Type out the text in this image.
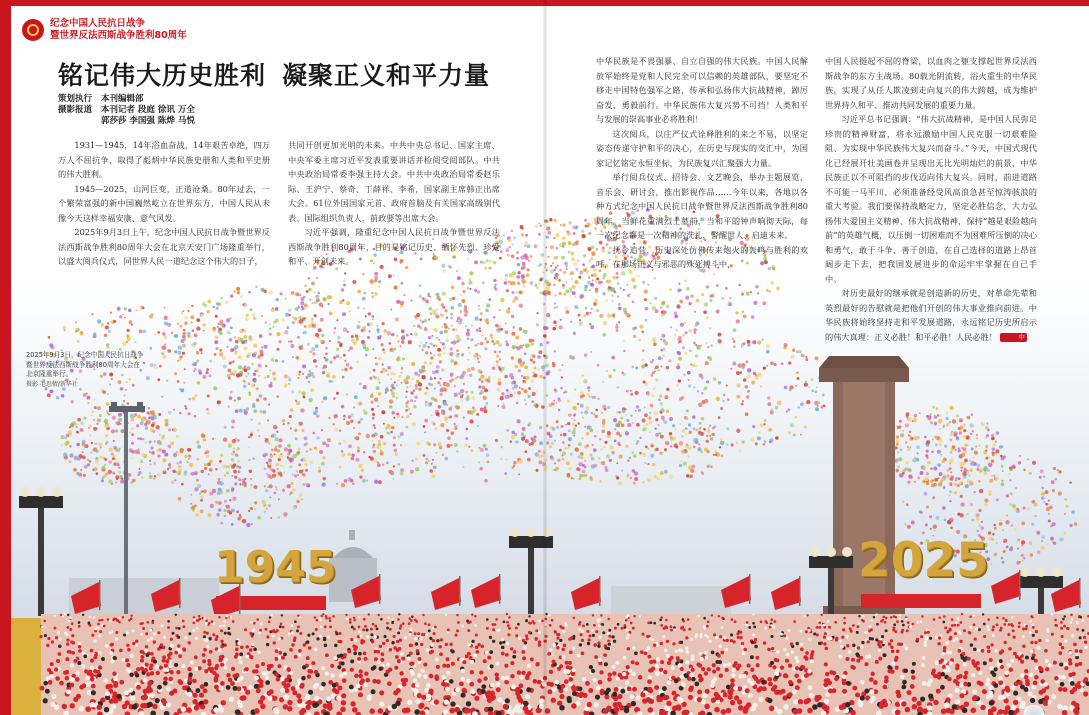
纪念中国人民抗日战争
暨世界反法西斯战争胜利80周年
铭记伟大历史胜利 凝聚正义和平力量
策划执行 本刊编辑部
摄影报道 本刊记者 段庭 徐讯 万全
郭莎莎 李国强 陈烨 马悦

1931—1945，14年浴血奋战，14年艰苦卓绝，四万万人不屈抗争，取得了彪炳中华民族史册和人类和平史册的伟大胜利。

1945—2025，山河巨变，正道沧桑。80年过去，一个繁荣富强的新中国巍然屹立在世界东方，中国人民从未像今天这样幸福安康、意气风发。

2025年9月3日上午，纪念中国人民抗日战争暨世界反法西斯战争胜利80周年大会在北京天安门广场隆重举行，以盛大阅兵仪式，同世界人民一道纪念这个伟大的日子，

共同开创更加光明的未来。中共中央总书记、国家主席、中央军委主席习近平发表重要讲话并检阅受阅部队。中共中央政治局常委李强主持大会。中共中央政治局常委赵乐际、王沪宁、蔡奇、丁薛祥、李希，国家副主席韩正出席大会。61位外国国家元首、政府首脑及有关国家高级别代表、国际组织负责人，前政要等出席大会。

习近平强调，隆重纪念中国人民抗日战争暨世界反法西斯战争胜利80周年，目的是铭记历史、缅怀先烈、珍爱和平、开创未来。

中华民族是不畏强暴、自立自强的伟大民族。中国人民解放军始终是党和人民完全可以信赖的英雄部队，要坚定不移走中国特色强军之路，传承和弘扬伟大抗战精神，踔厉奋发、勇毅前行。中华民族伟大复兴势不可挡！人类和平与发展的崇高事业必将胜利！

这次阅兵，以庄严仪式诠释胜利的来之不易，以坚定姿态传递守护和平的决心，在历史与现实的交汇中，为国家记忆铭定永恒坐标，为民族复兴汇聚强大力量。

举行阅兵仪式、招待会、文艺晚会，举办主题展览、音乐会、研讨会，推出影视作品……今年以来，各地以各种方式纪念中国人民抗日战争暨世界反法西斯战争胜利80周年。当鲜花重满烈士墓前，当和平的钟声响彻天际，每一次纪念都是一次精神的洗礼，警醒世人、启迪未来。

抚今追昔，历史深处仿佛传来炮火的轰鸣与胜利的欢呼，在那场正义与邪恶的殊死搏斗中，

中国人民挺起不屈的脊梁，以血肉之躯支撑起世界反法西斯战争的东方主战场。80载光阴流转，浴火重生的中华民族，实现了从任人欺凌到走向复兴的伟大跨越，成为维护世界持久和平、推动共同发展的重要力量。

习近平总书记强调：“伟大抗战精神，是中国人民弥足珍贵的精神财富，将永远激励中国人民克服一切艰难险阻、为实现中华民族伟大复兴而奋斗。”今天，中国式现代化已经展开壮美画卷并呈现出无比光明灿烂的前景，中华民族正以不可阻挡的步伐迈向伟大复兴。同时，前进道路不可能一马平川，必须准备经受风高浪急甚至惊涛骇浪的重大考验。我们要保持战略定力，坚定必胜信念，大力弘扬伟大爱国主义精神、伟大抗战精神，保持“越是艰险越向前”的英雄气概，以压倒一切困难而不为困难所压倒的决心和勇气，敢于斗争、善于创造，在自己选择的道路上昂首阔步走下去，把我国发展进步的命运牢牢掌握在自己手中。

对历史最好的继承就是创造新的历史，对革命先辈和英烈最好的告慰就是把他们开创的伟大事业推向前进。中华民族将始终坚持走和平发展道路，永远铭记历史所启示的伟大真理：正义必胜！和平必胜！人民必胜！	中

2025年9月3日，纪念中国人民抗日战争暨世界反法西斯战争胜利80周年大会在北京隆重举行。
摄影 毛思倩/新华社
1945	2025
